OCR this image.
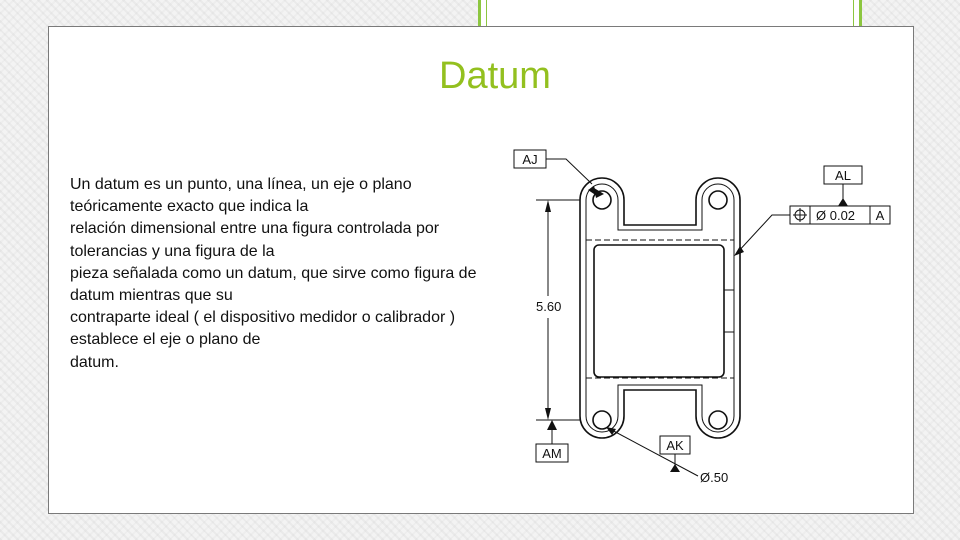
Datum
Un datum es un punto, una línea, un eje o plano
teóricamente exacto que indica la
relación dimensional entre una figura controlada por
tolerancias y una figura de la
pieza señalada como un datum, que sirve como figura de
datum mientras que su
contraparte ideal ( el dispositivo medidor o calibrador )
establece el eje o plano de
datum.
5.60
AJ
AL
Ø 0.02 A
AM
AK
Ø.50
